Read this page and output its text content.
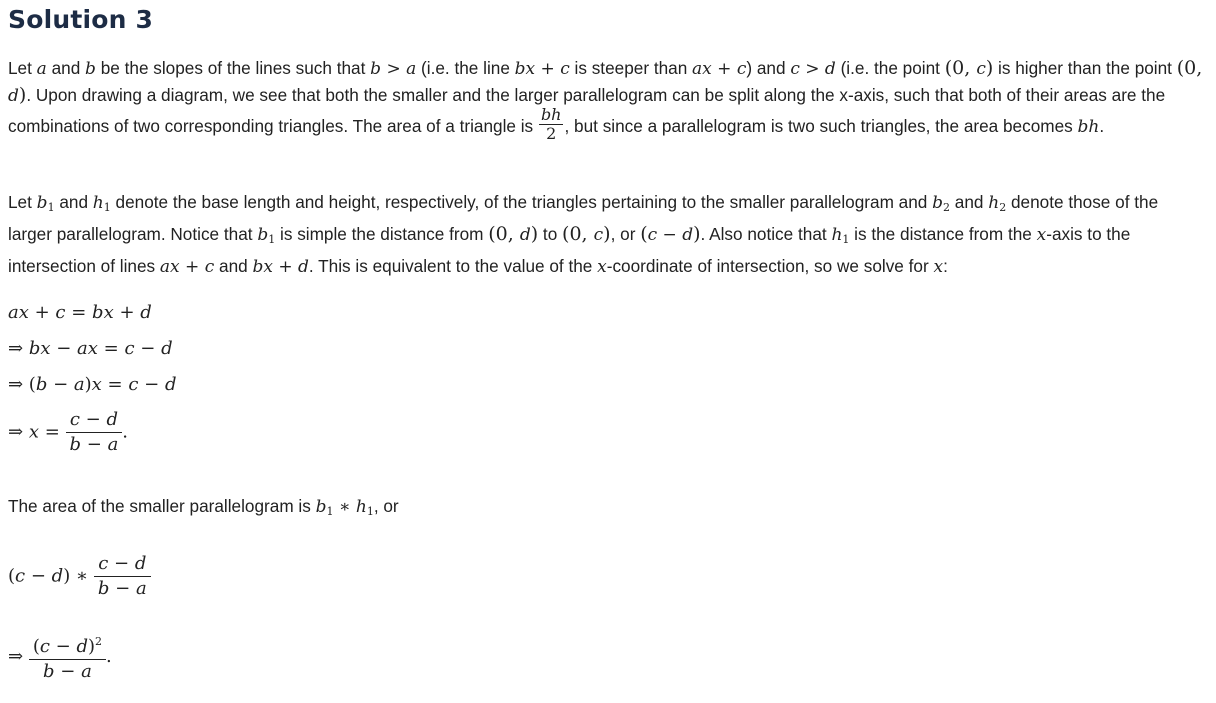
Solution 3

Let a and b be the slopes of the lines such that b > a (i.e. the line bx + c is steeper than ax + c) and c > d (i.e. the point (0, c) is higher than the point (0, d). Upon drawing a diagram, we see that both the smaller and the larger parallelogram can be split along the x-axis, such that both of their areas are the combinations of two corresponding triangles. The area of a triangle is $\frac{bh}{2}$ , but since a parallelogram is two such triangles, the area becomes bh.

Let $b_1$ and $h_1$ denote the base length and height, respectively, of the triangles pertaining to the smaller parallelogram and $b_2$ and $h_2$ denote those of the larger parallelogram. Notice that $b_1$ is simple the distance from (0, d) to (0, c), or (c − d). Also notice that $h_1$ is the distance from the x-axis to the intersection of lines ax + c and bx + d. This is equivalent to the value of the x-coordinate of intersection, so we solve for x:

ax + c = bx + d
⇒ bx − ax = c − d
⇒ (b − a)x = c − d
⇒ $x = \frac{c - d}{b - a}$ .

The area of the smaller parallelogram is $b_1$ ∗ $h_1$, or

(c − d) ∗ $\frac{c - d}{b - a}$
⇒ $\frac{(c - d)^2}{b - a}$ .
